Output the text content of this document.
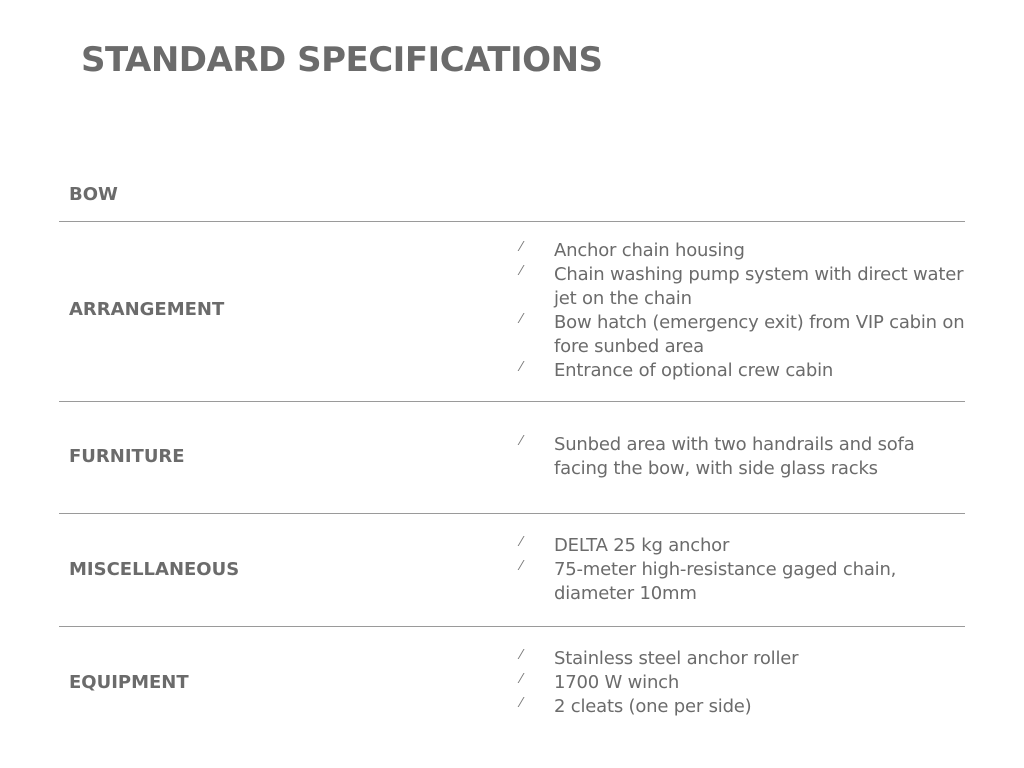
STANDARD SPECIFICATIONS
BOW
ARRANGEMENT
⁄ Anchor chain housing
⁄ Chain washing pump system with direct water jet on the chain
⁄ Bow hatch (emergency exit) from VIP cabin on fore sunbed area
⁄ Entrance of optional crew cabin
FURNITURE
⁄ Sunbed area with two handrails and sofa facing the bow, with side glass racks
MISCELLANEOUS
⁄ DELTA 25 kg anchor
⁄ 75-meter high-resistance gaged chain, diameter 10mm
EQUIPMENT
⁄ Stainless steel anchor roller
⁄ 1700 W winch
⁄ 2 cleats (one per side)
